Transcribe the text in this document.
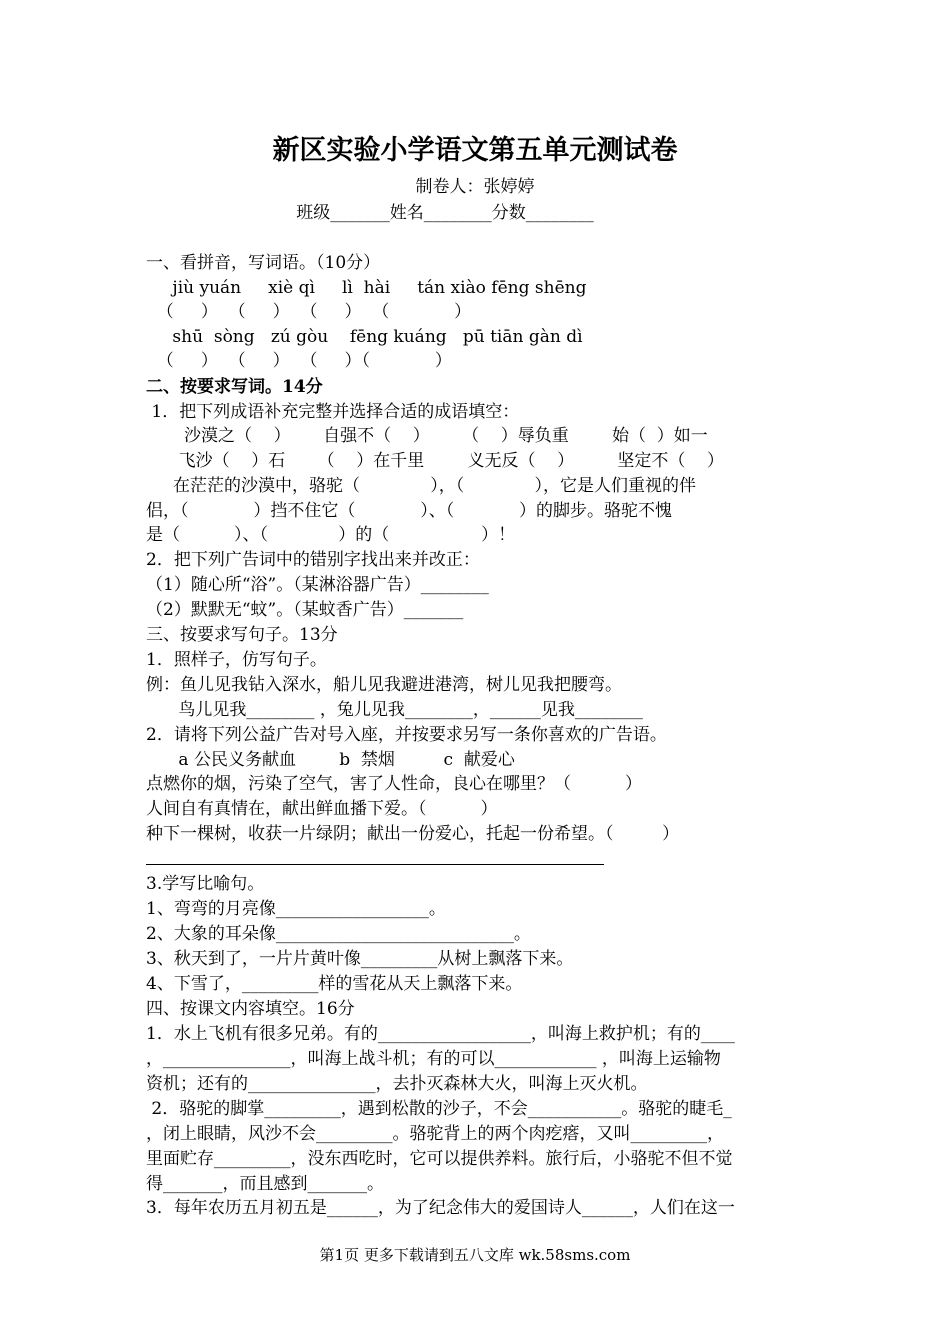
新区实验小学语文第五单元测试卷
制卷人：张婷婷
班级_______姓名________分数________
一、看拼音，写词语。（10分）
jiù yuán     xiè qì     lì  hài     tán xiào fēng shēng
（     ）  （     ）  （     ）  （            ）
shū  sòng   zú gòu    fēng kuáng   pū tiān gàn dì
（     ）  （     ）  （     ）（            ）
二、按要求写词。14分
1．把下列成语补充完整并选择合适的成语填空：
沙漠之（    ）      自强不（    ）      （    ）辱负重        始（  ）如一
飞沙（    ）石      （    ）在千里        义无反（    ）        坚定不（    ）
在茫茫的沙漠中，骆驼（             ），（             ），它是人们重视的伴
侣，（            ）挡不住它（            ）、（            ）的脚步。骆驼不愧
是（          ）、（             ）的（                 ）！
2．把下列广告词中的错别字找出来并改正：
（1）随心所“浴”。（某淋浴器广告）________
（2）默默无“蚊”。（某蚊香广告）_______
三、按要求写句子。13分
1．照样子，仿写句子。
例：鱼儿见我钻入深水，船儿见我避进港湾，树儿见我把腰弯。
鸟儿见我________ ，兔儿见我________，______见我________
2．请将下列公益广告对号入座，并按要求另写一条你喜欢的广告语。
a 公民义务献血        b  禁烟         c  献爱心
点燃你的烟，污染了空气，害了人性命，良心在哪里？（          ）
人间自有真情在，献出鲜血播下爱。（          ）
种下一棵树，收获一片绿阴；献出一份爱心，托起一份希望。（         ）
3.学写比喻句。
1、弯弯的月亮像__________________。
2、大象的耳朵像____________________________。
3、秋天到了，一片片黄叶像_________从树上飘落下来。
4、下雪了，_________样的雪花从天上飘落下来。
四、按课文内容填空。16分
1．水上飞机有很多兄弟。有的__________________，叫海上救护机；有的____
，_______________，叫海上战斗机；有的可以____________ ，叫海上运输物
资机；还有的_______________，去扑灭森林大火，叫海上灭火机。
2．骆驼的脚掌_________，遇到松散的沙子，不会___________。骆驼的睫毛_
，闭上眼睛，风沙不会_________。骆驼背上的两个肉疙瘩，又叫_________，
里面贮存_________，没东西吃时，它可以提供养料。旅行后，小骆驼不但不觉
得_______，而且感到_______。
3．每年农历五月初五是______，为了纪念伟大的爱国诗人______，人们在这一
第1页 更多下载请到五八文库 wk.58sms.com
